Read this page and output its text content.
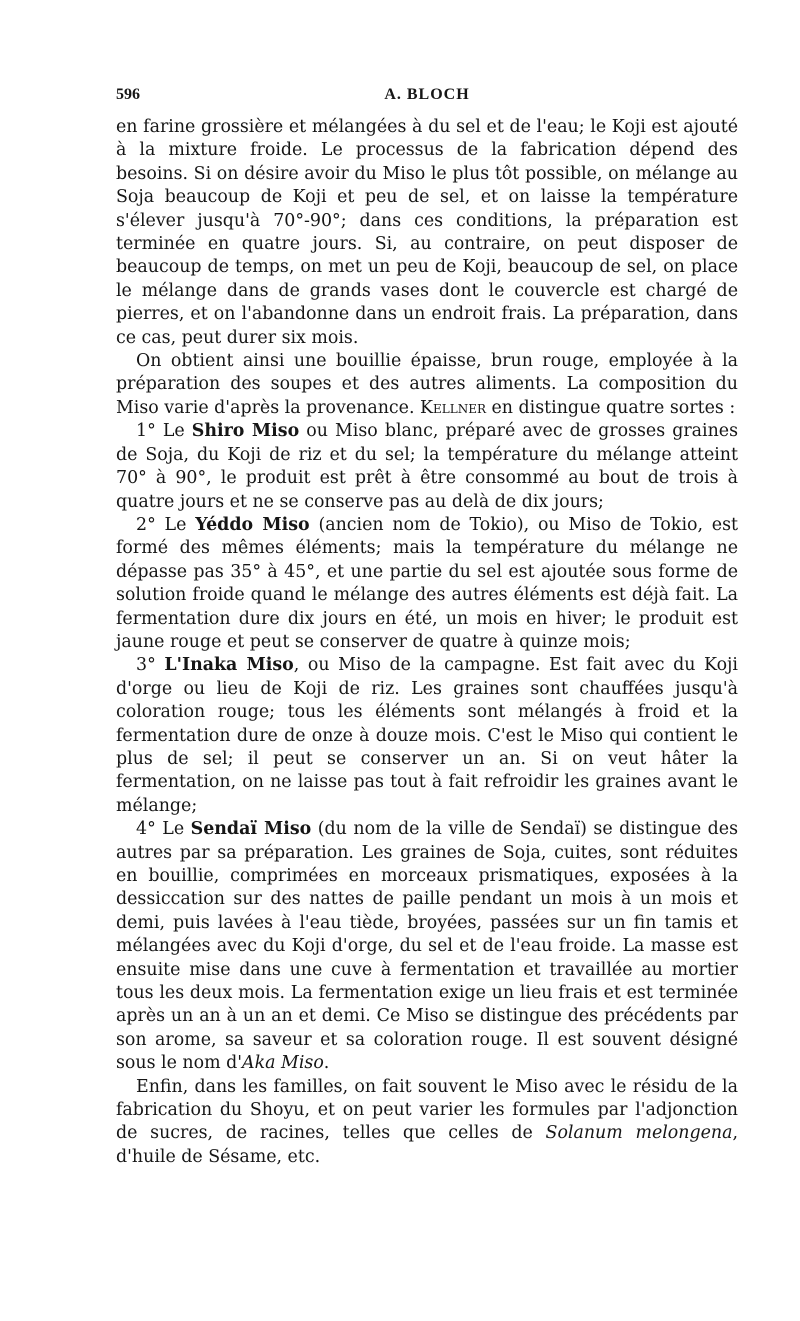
596	A. BLOCH

en farine grossière et mélangées à du sel et de l'eau; le Koji est ajouté à la mixture froide. Le processus de la fabrication dépend des besoins. Si on désire avoir du Miso le plus tôt possible, on mélange au Soja beaucoup de Koji et peu de sel, et on laisse la température s'élever jusqu'à 70°-90°; dans ces conditions, la préparation est terminée en quatre jours. Si, au contraire, on peut disposer de beaucoup de temps, on met un peu de Koji, beaucoup de sel, on place le mélange dans de grands vases dont le couvercle est chargé de pierres, et on l'abandonne dans un endroit frais. La préparation, dans ce cas, peut durer six mois.

On obtient ainsi une bouillie épaisse, brun rouge, employée à la préparation des soupes et des autres aliments. La composition du Miso varie d'après la provenance. Kellner en distingue quatre sortes :

1° Le Shiro Miso ou Miso blanc, préparé avec de grosses graines de Soja, du Koji de riz et du sel; la température du mélange atteint 70° à 90°, le produit est prêt à être consommé au bout de trois à quatre jours et ne se conserve pas au delà de dix jours;

2° Le Yéddo Miso (ancien nom de Tokio), ou Miso de Tokio, est formé des mêmes éléments; mais la température du mélange ne dépasse pas 35° à 45°, et une partie du sel est ajoutée sous forme de solution froide quand le mélange des autres éléments est déjà fait. La fermentation dure dix jours en été, un mois en hiver; le produit est jaune rouge et peut se conserver de quatre à quinze mois;

3° L'Inaka Miso, ou Miso de la campagne. Est fait avec du Koji d'orge ou lieu de Koji de riz. Les graines sont chauffées jusqu'à coloration rouge; tous les éléments sont mélangés à froid et la fermentation dure de onze à douze mois. C'est le Miso qui contient le plus de sel; il peut se conserver un an. Si on veut hâter la fermentation, on ne laisse pas tout à fait refroidir les graines avant le mélange;

4° Le Sendaï Miso (du nom de la ville de Sendaï) se distingue des autres par sa préparation. Les graines de Soja, cuites, sont réduites en bouillie, comprimées en morceaux prismatiques, exposées à la dessiccation sur des nattes de paille pendant un mois à un mois et demi, puis lavées à l'eau tiède, broyées, passées sur un fin tamis et mélangées avec du Koji d'orge, du sel et de l'eau froide. La masse est ensuite mise dans une cuve à fermentation et travaillée au mortier tous les deux mois. La fermentation exige un lieu frais et est terminée après un an à un an et demi. Ce Miso se distingue des précédents par son arome, sa saveur et sa coloration rouge. Il est souvent désigné sous le nom d'Aka Miso.

Enfin, dans les familles, on fait souvent le Miso avec le résidu de la fabrication du Shoyu, et on peut varier les formules par l'adjonction de sucres, de racines, telles que celles de Solanum melongena, d'huile de Sésame, etc.
